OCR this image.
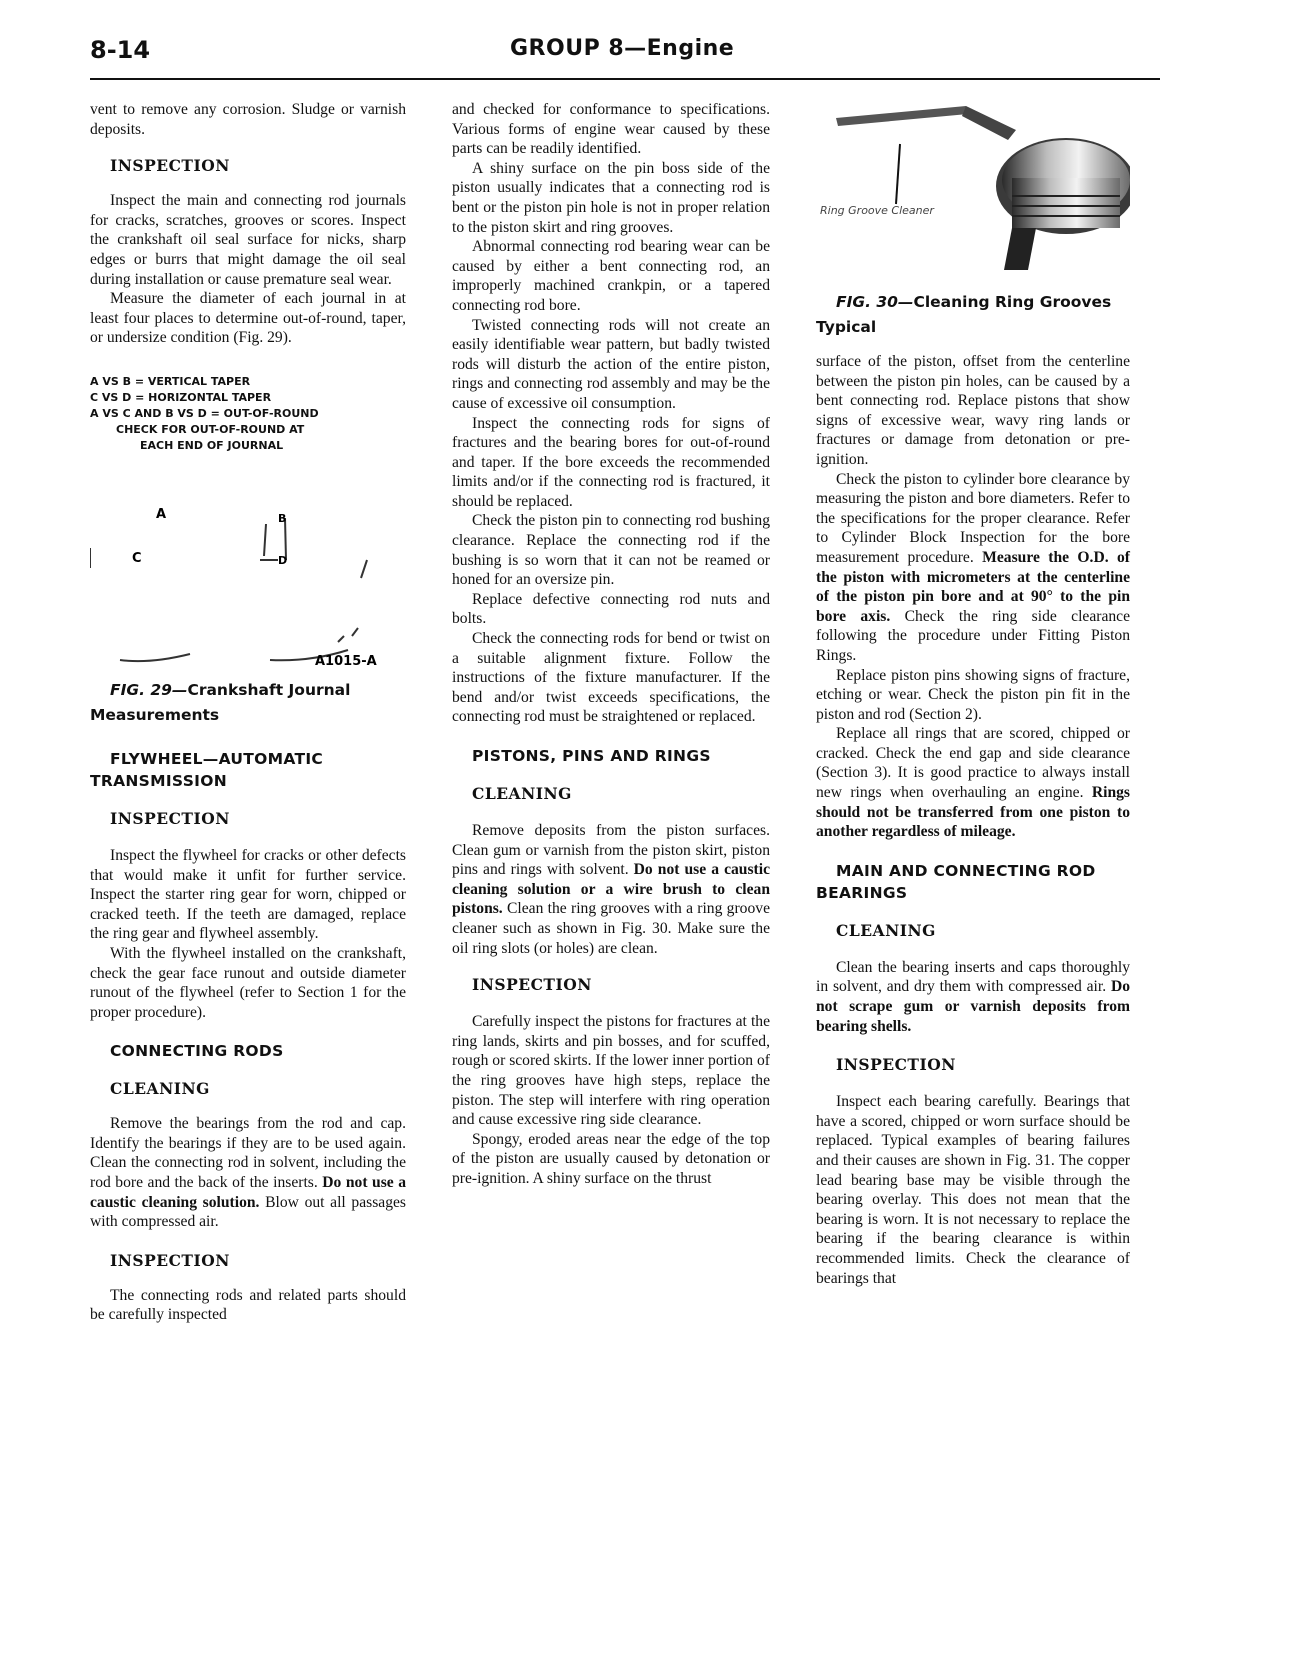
8-14	GROUP 8—Engine

vent to remove any corrosion. Sludge or varnish deposits.

INSPECTION

Inspect the main and connecting rod journals for cracks, scratches, grooves or scores. Inspect the crankshaft oil seal surface for nicks, sharp edges or burrs that might damage the oil seal during installation or cause premature seal wear.

Measure the diameter of each journal in at least four places to determine out-of-round, taper, or undersize condition (Fig. 29).

A VS B = VERTICAL TAPER
C VS D = HORIZONTAL TAPER
A VS C AND B VS D = OUT-OF-ROUND
CHECK FOR OUT-OF-ROUND AT
EACH END OF JOURNAL
A
C
B
D
A1015-A

FIG. 29—Crankshaft Journal Measurements

FLYWHEEL—AUTOMATIC TRANSMISSION

INSPECTION

Inspect the flywheel for cracks or other defects that would make it unfit for further service. Inspect the starter ring gear for worn, chipped or cracked teeth. If the teeth are damaged, replace the ring gear and flywheel assembly.

With the flywheel installed on the crankshaft, check the gear face runout and outside diameter runout of the flywheel (refer to Section 1 for the proper procedure).

CONNECTING RODS

CLEANING

Remove the bearings from the rod and cap. Identify the bearings if they are to be used again. Clean the connecting rod in solvent, including the rod bore and the back of the inserts. Do not use a caustic cleaning solution. Blow out all passages with compressed air.

INSPECTION

The connecting rods and related parts should be carefully inspected

and checked for conformance to specifications. Various forms of engine wear caused by these parts can be readily identified.

A shiny surface on the pin boss side of the piston usually indicates that a connecting rod is bent or the piston pin hole is not in proper relation to the piston skirt and ring grooves.

Abnormal connecting rod bearing wear can be caused by either a bent connecting rod, an improperly machined crankpin, or a tapered connecting rod bore.

Twisted connecting rods will not create an easily identifiable wear pattern, but badly twisted rods will disturb the action of the entire piston, rings and connecting rod assembly and may be the cause of excessive oil consumption.

Inspect the connecting rods for signs of fractures and the bearing bores for out-of-round and taper. If the bore exceeds the recommended limits and/or if the connecting rod is fractured, it should be replaced.

Check the piston pin to connecting rod bushing clearance. Replace the connecting rod if the bushing is so worn that it can not be reamed or honed for an oversize pin.

Replace defective connecting rod nuts and bolts.

Check the connecting rods for bend or twist on a suitable alignment fixture. Follow the instructions of the fixture manufacturer. If the bend and/or twist exceeds specifications, the connecting rod must be straightened or replaced.

PISTONS, PINS AND RINGS

CLEANING

Remove deposits from the piston surfaces. Clean gum or varnish from the piston skirt, piston pins and rings with solvent. Do not use a caustic cleaning solution or a wire brush to clean pistons. Clean the ring grooves with a ring groove cleaner such as shown in Fig. 30. Make sure the oil ring slots (or holes) are clean.

INSPECTION

Carefully inspect the pistons for fractures at the ring lands, skirts and pin bosses, and for scuffed, rough or scored skirts. If the lower inner portion of the ring grooves have high steps, replace the piston. The step will interfere with ring operation and cause excessive ring side clearance.

Spongy, eroded areas near the edge of the top of the piston are usually caused by detonation or pre-ignition. A shiny surface on the thrust

Ring Groove Cleaner

FIG. 30—Cleaning Ring Grooves Typical

surface of the piston, offset from the centerline between the piston pin holes, can be caused by a bent connecting rod. Replace pistons that show signs of excessive wear, wavy ring lands or fractures or damage from detonation or pre-ignition.

Check the piston to cylinder bore clearance by measuring the piston and bore diameters. Refer to the specifications for the proper clearance. Refer to Cylinder Block Inspection for the bore measurement procedure. Measure the O.D. of the piston with micrometers at the centerline of the piston pin bore and at 90° to the pin bore axis. Check the ring side clearance following the procedure under Fitting Piston Rings.

Replace piston pins showing signs of fracture, etching or wear. Check the piston pin fit in the piston and rod (Section 2).

Replace all rings that are scored, chipped or cracked. Check the end gap and side clearance (Section 3). It is good practice to always install new rings when overhauling an engine. Rings should not be transferred from one piston to another regardless of mileage.

MAIN AND CONNECTING ROD BEARINGS

CLEANING

Clean the bearing inserts and caps thoroughly in solvent, and dry them with compressed air. Do not scrape gum or varnish deposits from bearing shells.

INSPECTION

Inspect each bearing carefully. Bearings that have a scored, chipped or worn surface should be replaced. Typical examples of bearing failures and their causes are shown in Fig. 31. The copper lead bearing base may be visible through the bearing overlay. This does not mean that the bearing is worn. It is not necessary to replace the bearing if the bearing clearance is within recommended limits. Check the clearance of bearings that
